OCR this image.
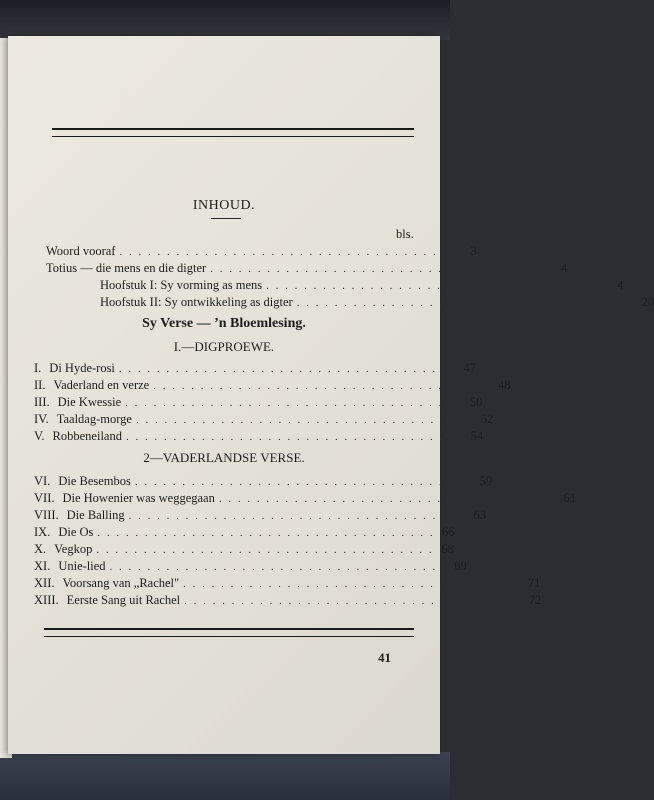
INHOUD.
bls.
Woord vooraf . . . . . . . . . . . . . . . . . . . . . . . . . . . . . . . . . . . .	3
Totius — die mens en die digter . . . . . . . . . . . . . . . . . . . . . . . . . . . . . . . . . . . .	4
Hoofstuk I: Sy vorming as mens . . . . . . . . . . . . . . . . . . . . . . . . . . . . . . . . . . . .	4
Hoofstuk II: Sy ontwikkeling as digter . . . . . . . . . . . . . . . . . . . . . . . . . . . . . . . . . . . . 20
Sy Verse — ’n Bloemlesing.
I.—DIGPROEWE.
I. Di Hyde-rosi . . . . . . . . . . . . . . . . . . . . . . . . . . . . . . . . . . . . 47
II. Vaderland en verze . . . . . . . . . . . . . . . . . . . . . . . . . . . . . . . . . . . . 48
III. Die Kwessie . . . . . . . . . . . . . . . . . . . . . . . . . . . . . . . . . . . . 50
IV. Taaldag-morge . . . . . . . . . . . . . . . . . . . . . . . . . . . . . . . . . . . . 52
V. Robbeneiland . . . . . . . . . . . . . . . . . . . . . . . . . . . . . . . . . . . . 54
2—VADERLANDSE VERSE.
VI. Die Besembos . . . . . . . . . . . . . . . . . . . . . . . . . . . . . . . . . . . . 59
VII. Die Howenier was weggegaan . . . . . . . . . . . . . . . . . . . . . . . . . . . . . . . . . . . . 61
VIII. Die Balling . . . . . . . . . . . . . . . . . . . . . . . . . . . . . . . . . . . . 63
IX. Die Os . . . . . . . . . . . . . . . . . . . . . . . . . . . . . . . . . . . . 66
X. Vegkop . . . . . . . . . . . . . . . . . . . . . . . . . . . . . . . . . . . . 68
XI. Unie-lied . . . . . . . . . . . . . . . . . . . . . . . . . . . . . . . . . . . . 69
XII. Voorsang van „Rachel" . . . . . . . . . . . . . . . . . . . . . . . . . . . . . . . . . . . . 71
XIII. Eerste Sang uit Rachel . . . . . . . . . . . . . . . . . . . . . . . . . . . . . . . . . . . . 72
41
